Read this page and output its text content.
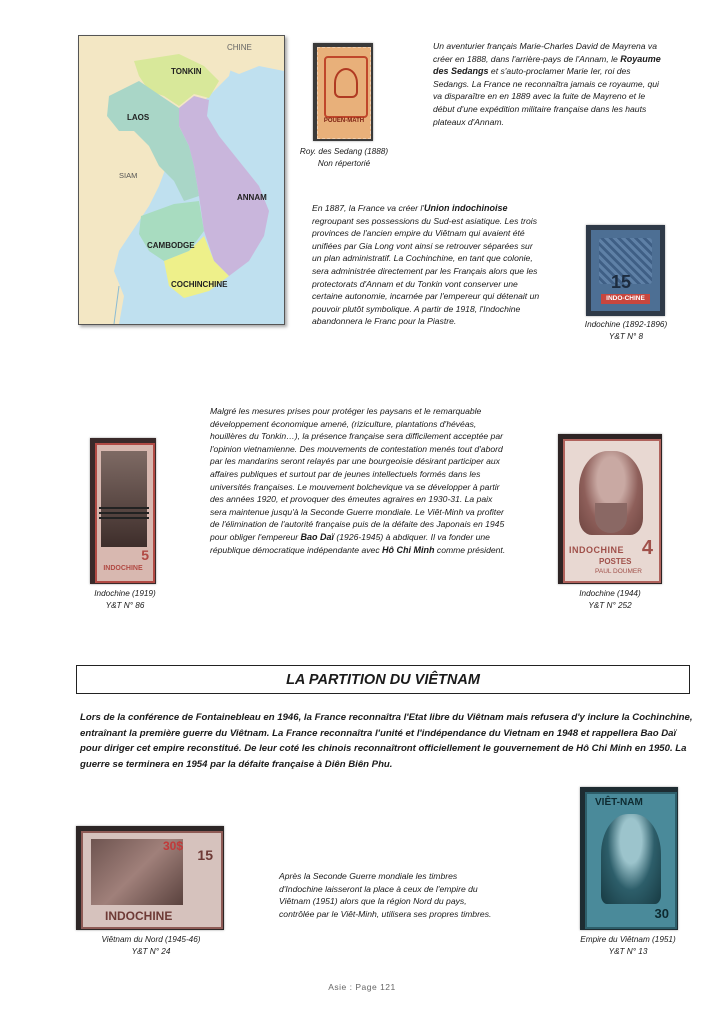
CHINE
TONKIN
LAOS
SIAM
ANNAM
CAMBODGE
COCHINCHINE
POUEN-MATH
Roy. des Sedang (1888)
Non répertorié
Un aventurier français Marie-Charles David de Mayrena va créer en 1888, dans l'arrière-pays de l'Annam, le Royaume des Sedangs et s'auto-proclamer Marie Ier, roi des Sedangs. La France ne reconnaîtra jamais ce royaume, qui va disparaître en en 1889 avec la fuite de Mayreno et le début d'une expédition militaire française dans les hauts plateaux d'Annam.
En 1887, la France va créer l'Union indochinoise regroupant ses possessions du Sud-est asiatique. Les trois provinces de l'ancien empire du Viêtnam qui avaient été unifiées par Gia Long vont ainsi se retrouver séparées sur un plan administratif. La Cochinchine, en tant que colonie, sera administrée directement par les Français alors que les protectorats d'Annam et du Tonkin vont conserver une certaine autonomie, incarnée par l'empereur qui détenait un pouvoir plutôt symbolique. A partir de 1918, l'Indochine abandonnera le Franc pour la Piastre.
15
INDO-CHINE
Indochine (1892-1896)
Y&T N° 8
5
INDOCHINE
Indochine (1919)
Y&T N° 86
Malgré les mesures prises pour protéger les paysans et le remarquable développement économique amené, (riziculture, plantations d'hévéas, houillères du Tonkin…), la présence française sera difficilement acceptée par l'opinion vietnamienne. Des mouvements de contestation menés tout d'abord par les mandarins seront relayés par une bourgeoisie désirant participer aux affaires publiques et surtout par de jeunes intellectuels formés dans les universités françaises. Le mouvement bolchevique va se développer à partir des années 1920, et provoquer des émeutes agraires en 1930-31. La paix sera maintenue jusqu'à la Seconde Guerre mondiale. Le Viêt-Minh va profiter de l'élimination de l'autorité française puis de la défaite des Japonais en 1945 pour obliger l'empereur Bao Daï (1926-1945) à abdiquer. Il va fonder une république démocratique indépendante avec Hô Chi Minh comme président.	INDOCHINE 4
POSTES
PAUL DOUMER
Indochine (1944)
Y&T N° 252
LA PARTITION DU VIÊTNAM
Lors de la conférence de Fontainebleau en 1946, la France reconnaîtra l'Etat libre du Viêtnam mais refusera d'y inclure la Cochinchine, entraînant la première guerre du Viêtnam. La France reconnaîtra l'unité et l'indépendance du Vietnam en 1948 et rappellera Bao Daï pour diriger cet empire reconstitué. De leur coté les chinois reconnaîtront officiellement le gouvernement de Hô Chi Minh en 1950. La guerre se terminera en 1954 par la défaite française à Diên Biên Phu.
30$
15
INDOCHINE
Viêtnam du Nord (1945-46)
Y&T N° 24
Après la Seconde Guerre mondiale les timbres d'Indochine laisseront la place à ceux de l'empire du Viêtnam (1951) alors que la région Nord du pays, contrôlée par le Viêt-Minh, utilisera ses propres timbres.
VIÊT-NAM
30
Empire du Viêtnam (1951)
Y&T N° 13
Asie : Page 121
